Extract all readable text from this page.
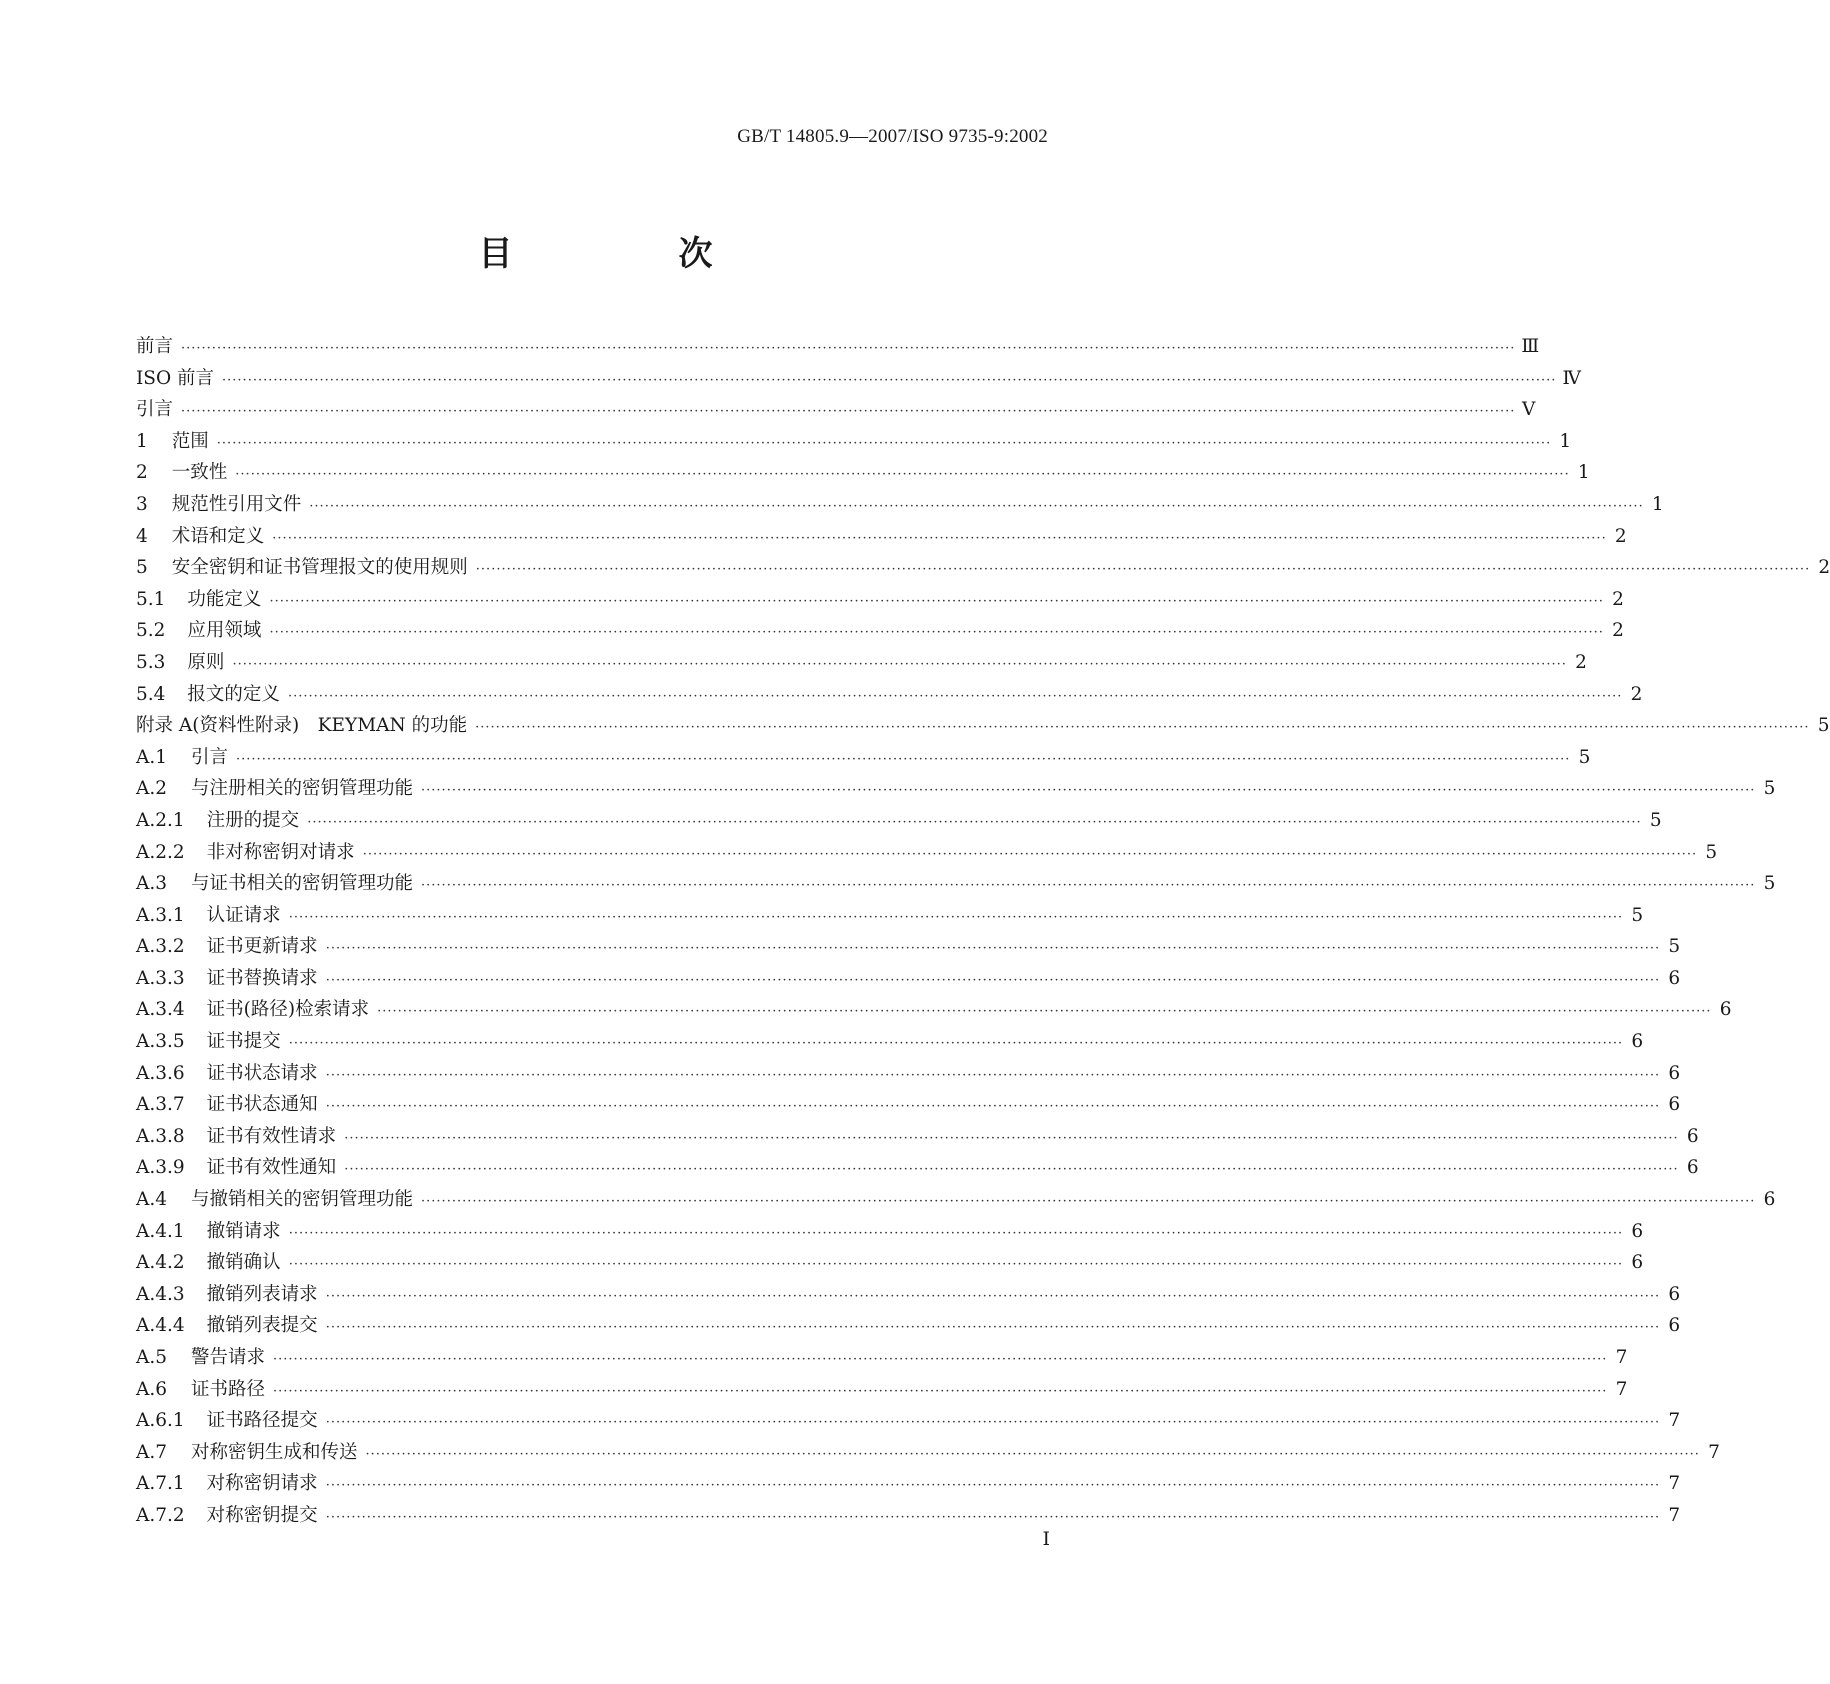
GB/T 14805.9—2007/ISO 9735-9:2002
目　次
前言 ···································································································································································································································································· Ⅲ
ISO 前言 ···································································································································································································································································· Ⅳ
引言 ···································································································································································································································································· Ⅴ
1 范围 ···································································································································································································································································· 1
2 一致性 ···································································································································································································································································· 1
3 规范性引用文件 ···································································································································································································································································· 1
4 术语和定义 ···································································································································································································································································· 2
5 安全密钥和证书管理报文的使用规则 ···································································································································································································································································· 2
5.1 功能定义 ···································································································································································································································································· 2
5.2 应用领域 ···································································································································································································································································· 2
5.3 原则 ···································································································································································································································································· 2
5.4 报文的定义 ···································································································································································································································································· 2
附录 A(资料性附录)　KEYMAN 的功能 ···································································································································································································································································· 5
A.1 引言 ···································································································································································································································································· 5
A.2 与注册相关的密钥管理功能 ···································································································································································································································································· 5
A.2.1 注册的提交 ···································································································································································································································································· 5
A.2.2 非对称密钥对请求 ···································································································································································································································································· 5
A.3 与证书相关的密钥管理功能 ···································································································································································································································································· 5
A.3.1 认证请求 ···································································································································································································································································· 5
A.3.2 证书更新请求 ···································································································································································································································································· 5
A.3.3 证书替换请求 ···································································································································································································································································· 6
A.3.4 证书(路径)检索请求 ···································································································································································································································································· 6
A.3.5 证书提交 ···································································································································································································································································· 6
A.3.6 证书状态请求 ···································································································································································································································································· 6
A.3.7 证书状态通知 ···································································································································································································································································· 6
A.3.8 证书有效性请求 ···································································································································································································································································· 6
A.3.9 证书有效性通知 ···································································································································································································································································· 6
A.4 与撤销相关的密钥管理功能 ···································································································································································································································································· 6
A.4.1 撤销请求 ···································································································································································································································································· 6
A.4.2 撤销确认 ···································································································································································································································································· 6
A.4.3 撤销列表请求 ···································································································································································································································································· 6
A.4.4 撤销列表提交 ···································································································································································································································································· 6
A.5 警告请求 ···································································································································································································································································· 7
A.6 证书路径 ···································································································································································································································································· 7
A.6.1 证书路径提交 ···································································································································································································································································· 7
A.7 对称密钥生成和传送 ···································································································································································································································································· 7
A.7.1 对称密钥请求 ···································································································································································································································································· 7
A.7.2 对称密钥提交 ···································································································································································································································································· 7
Ⅰ
